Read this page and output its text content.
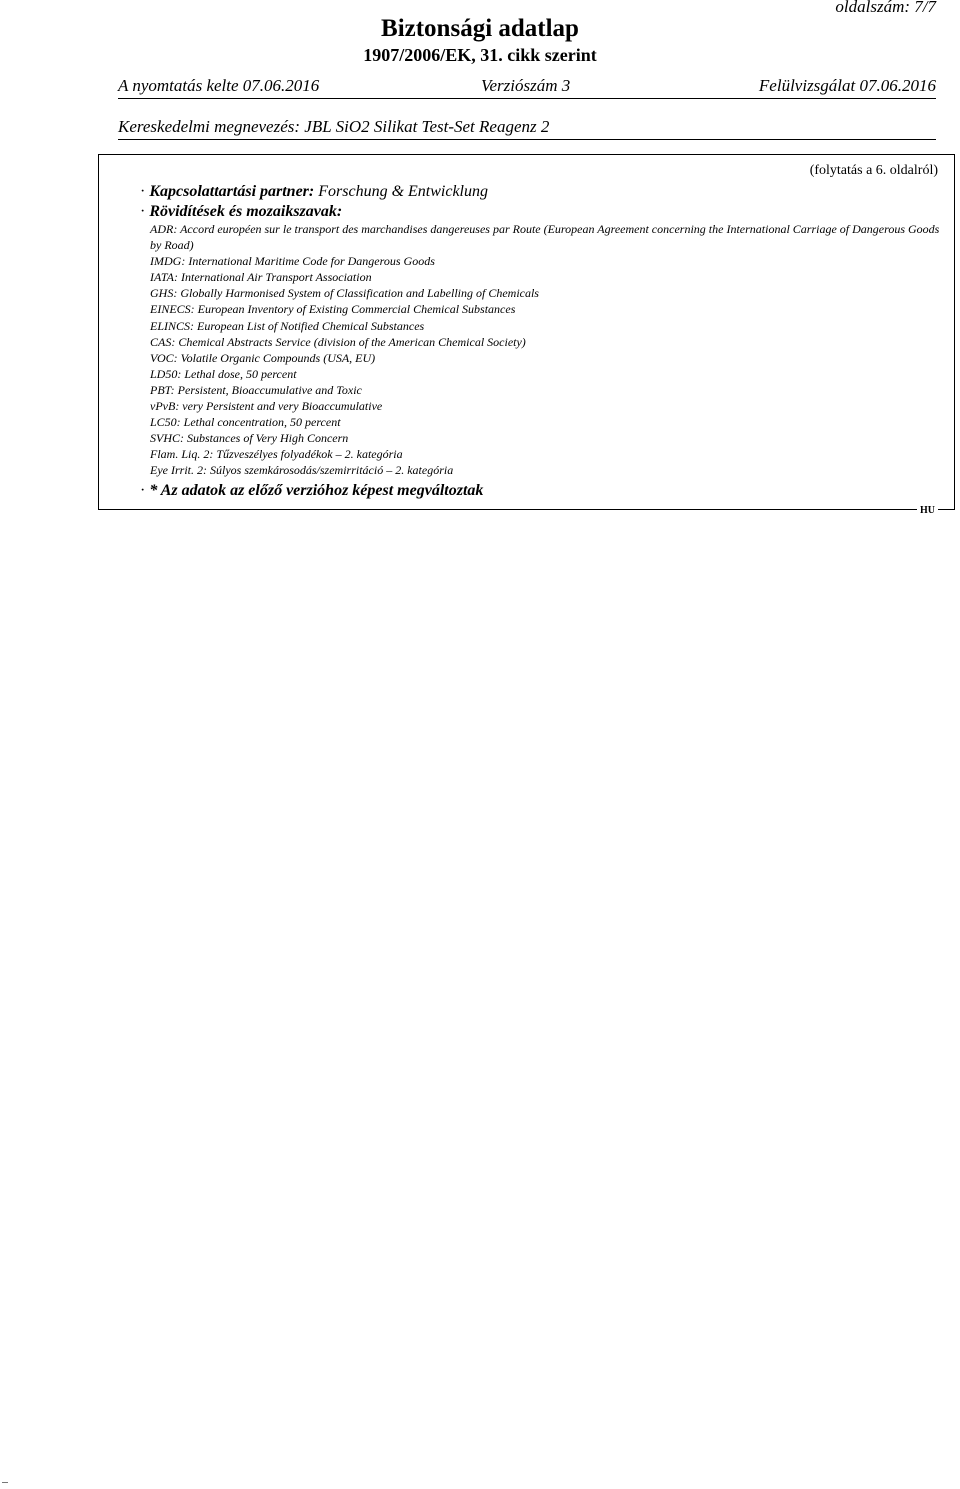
oldalszám: 7/7
Biztonsági adatlap
1907/2006/EK, 31. cikk szerint
A nyomtatás kelte 07.06.2016	Verziószám 3	Felülvizsgálat 07.06.2016
Kereskedelmi megnevezés: JBL SiO2 Silikat Test-Set Reagenz 2
(folytatás a 6. oldalról)
· Kapcsolattartási partner: Forschung & Entwicklung
· Rövidítések és mozaikszavak:
ADR: Accord européen sur le transport des marchandises dangereuses par Route (European Agreement concerning the International Carriage of Dangerous Goods by Road)
IMDG: International Maritime Code for Dangerous Goods
IATA: International Air Transport Association
GHS: Globally Harmonised System of Classification and Labelling of Chemicals
EINECS: European Inventory of Existing Commercial Chemical Substances
ELINCS: European List of Notified Chemical Substances
CAS: Chemical Abstracts Service (division of the American Chemical Society)
VOC: Volatile Organic Compounds (USA, EU)
LD50: Lethal dose, 50 percent
PBT: Persistent, Bioaccumulative and Toxic
vPvB: very Persistent and very Bioaccumulative
LC50: Lethal concentration, 50 percent
SVHC: Substances of Very High Concern
Flam. Liq. 2: Tűzveszélyes folyadékok – 2. kategória
Eye Irrit. 2: Súlyos szemkárosodás/szemirritáció – 2. kategória
· * Az adatok az előző verzióhoz képest megváltoztak
HU
